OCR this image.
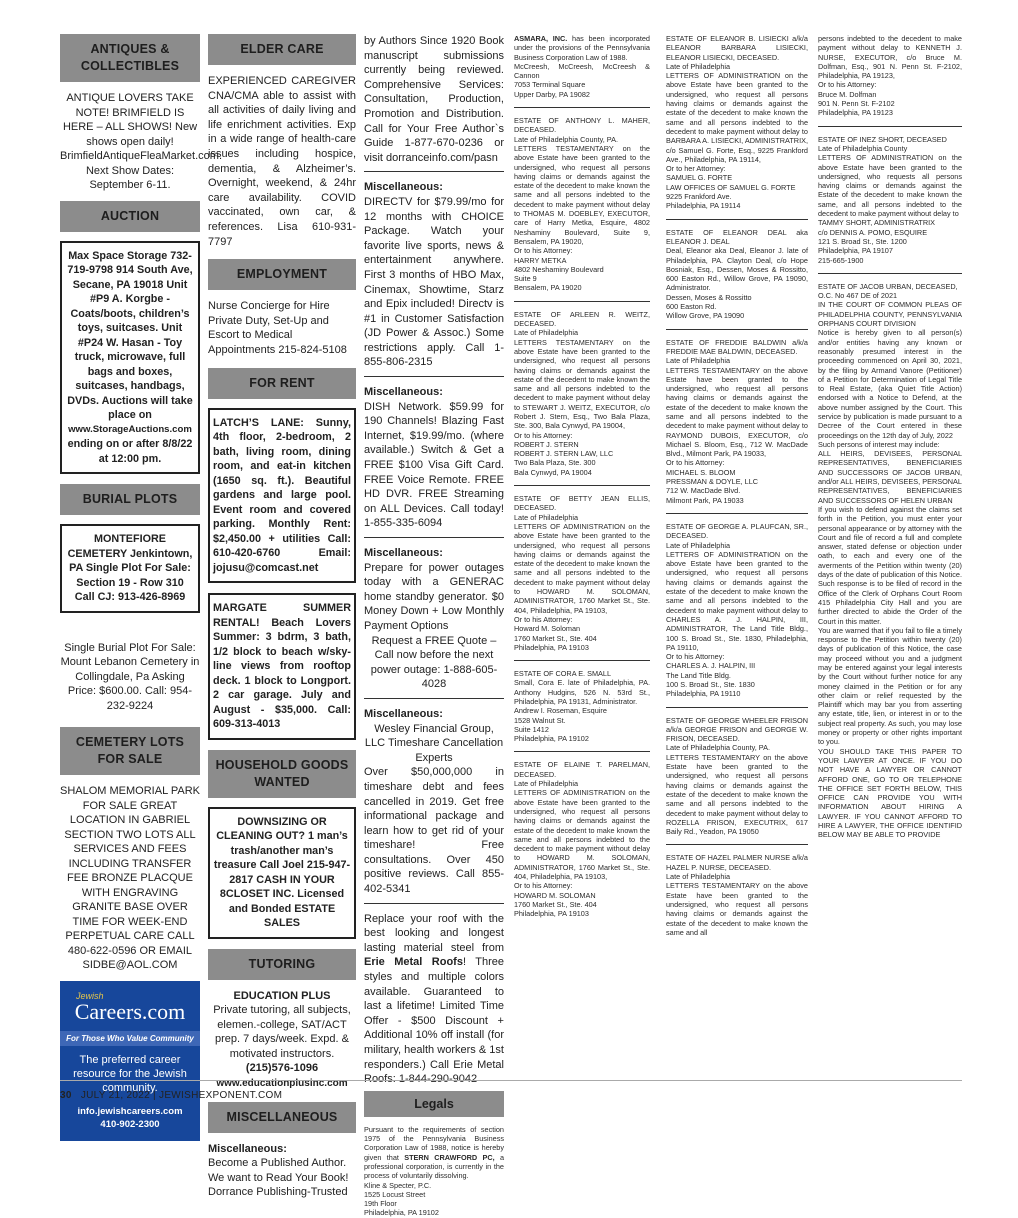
ANTIQUES & COLLECTIBLES
ANTIQUE LOVERS TAKE NOTE! BRIMFIELD IS HERE – ALL SHOWS! New shows open daily! BrimfieldAntiqueFleaMarket.com. Next Show Dates: September 6-11.
AUCTION
Max Space Storage 732-719-9798 914 South Ave, Secane, PA 19018 Unit #P9 A. Korgbe - Coats/boots, children’s toys, suitcases. Unit #P24 W. Hasan - Toy truck, microwave, full bags and boxes, suitcases, handbags, DVDs. Auctions will take place on
www.StorageAuctions.com
ending on or after 8/8/22 at 12:00 pm.
BURIAL PLOTS
MONTEFIORE CEMETERY Jenkintown, PA Single Plot For Sale: Section 19 - Row 310 Call CJ: 913-426-8969
Single Burial Plot For Sale: Mount Lebanon Cemetery in Collingdale, Pa Asking Price: $600.00. Call: 954-232-9224
CEMETERY LOTS FOR SALE
SHALOM MEMORIAL PARK FOR SALE GREAT LOCATION IN GABRIEL SECTION TWO LOTS ALL SERVICES AND FEES INCLUDING TRANSFER FEE BRONZE PLACQUE WITH ENGRAVING GRANITE BASE OVER TIME FOR WEEK-END PERPETUAL CARE CALL 480-622-0596 OR EMAIL SIDBE@AOL.COM
Jewish
Careers.com
For Those Who Value Community
The preferred career resource for the Jewish community.
info.jewishcareers.com
410-902-2300
ELDER CARE
EXPERIENCED CAREGIVER CNA/CMA able to assist with all activities of daily living and life enrichment activities. Exp in a wide range of health-care issues including hospice, dementia, & Alzheimer’s. Overnight, weekend, & 24hr care availability. COVID vaccinated, own car, & references. Lisa 610-931-7797
EMPLOYMENT
Nurse Concierge for Hire Private Duty, Set-Up and Escort to Medical Appointments 215-824-5108
FOR RENT
LATCH’S LANE: Sunny, 4th floor, 2-bedroom, 2 bath, living room, dining room, and eat-in kitchen (1650 sq. ft.). Beautiful gardens and large pool. Event room and covered parking. Monthly Rent: $2,450.00 + utilities Call: 610-420-6760 Email: jojusu@comcast.net
MARGATE SUMMER RENTAL! Beach Lovers Summer: 3 bdrm, 3 bath, 1/2 block to beach w/sky-line views from rooftop deck. 1 block to Longport. 2 car garage. July and August - $35,000. Call: 609-313-4013
HOUSEHOLD GOODS WANTED
DOWNSIZING OR CLEANING OUT? 1 man’s trash/another man’s treasure Call Joel 215-947-2817 CASH IN YOUR 8CLOSET INC. Licensed and Bonded ESTATE SALES
TUTORING
EDUCATION PLUS
Private tutoring, all subjects, elemen.-college, SAT/ACT prep. 7 days/week. Expd. & motivated instructors.
(215)576-1096
www.educationplusinc.com
MISCELLANEOUS
Miscellaneous:
Become a Published Author. We want to Read Your Book! Dorrance Publishing-Trusted
by Authors Since 1920 Book manuscript submissions currently being reviewed. Comprehensive Services: Consultation, Production, Promotion and Distribution. Call for Your Free Author`s Guide 1-877-670-0236 or visit dorranceinfo.com/pasn
Miscellaneous:
DIRECTV for $79.99/mo for 12 months with CHOICE Package. Watch your favorite live sports, news & entertainment anywhere. First 3 months of HBO Max, Cinemax, Showtime, Starz and Epix included! Directv is #1 in Customer Satisfaction (JD Power & Assoc.) Some restrictions apply. Call 1-855-806-2315
Miscellaneous:
DISH Network. $59.99 for 190 Channels! Blazing Fast Internet, $19.99/mo. (where available.) Switch & Get a FREE $100 Visa Gift Card. FREE Voice Remote. FREE HD DVR. FREE Streaming on ALL Devices. Call today! 1-855-335-6094
Miscellaneous:
Prepare for power outages today with a GENERAC home standby generator. $0 Money Down + Low Monthly Payment Options
Request a FREE Quote – Call now before the next power outage: 1-888-605-4028
Miscellaneous:
Wesley Financial Group, LLC Timeshare Cancellation Experts
Over $50,000,000 in timeshare debt and fees cancelled in 2019. Get free informational package and learn how to get rid of your timeshare! Free consultations. Over 450 positive reviews. Call 855-402-5341
Replace your roof with the best looking and longest lasting material steel from Erie Metal Roofs! Three styles and multiple colors available. Guaranteed to last a lifetime! Limited Time Offer - $500 Discount + Additional 10% off install (for military, health workers & 1st responders.) Call Erie Metal Roofs: 1-844-290-9042
Legals
Pursuant to the requirements of section 1975 of the Pennsylvania Business Corporation Law of 1988, notice is hereby given that STERN CRAWFORD PC, a professional corporation, is currently in the process of voluntarily dissolving.
Kline & Specter, P.C.
1525 Locust Street
19th Floor
Philadelphia, PA 19102
ASMARA, INC. has been incorporated under the provisions of the Pennsylvania Business Corporation Law of 1988.
McCreesh, McCreesh, McCreesh & Cannon
7053 Terminal Square
Upper Darby, PA 19082
ESTATE OF ANTHONY L. MAHER, DECEASED.
Late of Philadelphia County, PA.
LETTERS TESTAMENTARY on the above Estate have been granted to the undersigned, who request all persons having claims or demands against the estate of the decedent to make known the same and all persons indebted to the decedent to make payment without delay to THOMAS M. DOEBLEY, EXECUTOR, care of Harry Metka, Esquire, 4802 Neshaminy Boulevard, Suite 9, Bensalem, PA 19020,
Or to his Attorney:
HARRY METKA
4802 Neshaminy Boulevard
Suite 9
Bensalem, PA 19020
ESTATE OF ARLEEN R. WEITZ, DECEASED.
Late of Philadelphia
LETTERS TESTAMENTARY on the above Estate have been granted to the undersigned, who request all persons having claims or demands against the estate of the decedent to make known the same and all persons indebted to the decedent to make payment without delay to STEWART J. WEITZ, EXECUTOR, c/o Robert J. Stern, Esq., Two Bala Plaza, Ste. 300, Bala Cynwyd, PA 19004,
Or to his Attorney:
ROBERT J. STERN
ROBERT J. STERN LAW, LLC
Two Bala Plaza, Ste. 300
Bala Cynwyd, PA 19004
ESTATE OF BETTY JEAN ELLIS, DECEASED.
Late of Philadelphia
LETTERS OF ADMINISTRATION on the above Estate have been granted to the undersigned, who request all persons having claims or demands against the estate of the decedent to make known the same and all persons indebted to the decedent to make payment without delay to HOWARD M. SOLOMAN, ADMINISTRATOR, 1760 Market St., Ste. 404, Philadelphia, PA 19103,
Or to his Attorney:
Howard M. Soloman
1760 Market St., Ste. 404
Philadelphia, PA 19103
ESTATE OF CORA E. SMALL
Small, Cora E. late of Philadelphia, PA. Anthony Hudgins, 526 N. 53rd St., Philadelphia, PA 19131, Administrator.
Andrew I. Roseman, Esquire
1528 Walnut St.
Suite 1412
Philadelphia, PA 19102
ESTATE OF ELAINE T. PARELMAN, DECEASED.
Late of Philadelphia
LETTERS OF ADMINISTRATION on the above Estate have been granted to the undersigned, who request all persons having claims or demands against the estate of the decedent to make known the same and all persons indebted to the decedent to make payment without delay to HOWARD M. SOLOMAN, ADMINISTRATOR, 1760 Market St., Ste. 404, Philadelphia, PA 19103,
Or to his Attorney:
HOWARD M. SOLOMAN
1760 Market St., Ste. 404
Philadelphia, PA 19103
ESTATE OF ELEANOR B. LISIECKI a/k/a ELEANOR BARBARA LISIECKI, ELEANOR LISIECKI, DECEASED.
Late of Philadelphia
LETTERS OF ADMINISTRATION on the above Estate have been granted to the undersigned, who request all persons having claims or demands against the estate of the decedent to make known the same and all persons indebted to the decedent to make payment without delay to BARBARA A. LISIECKI, ADMINISTRATRIX, c/o Samuel G. Forte, Esq., 9225 Frankford Ave., Philadelphia, PA 19114,
Or to her Attorney:
SAMUEL G. FORTE
LAW OFFICES OF SAMUEL G. FORTE
9225 Frankford Ave.
Philadelphia, PA 19114
ESTATE OF ELEANOR DEAL aka ELEANOR J. DEAL
Deal, Eleanor aka Deal, Eleanor J. late of Philadelphia, PA. Clayton Deal, c/o Hope Bosniak, Esq., Dessen, Moses & Rossitto, 600 Easton Rd., Willow Grove, PA 19090, Administrator.
Dessen, Moses & Rossitto
600 Easton Rd.
Willow Grove, PA 19090
ESTATE OF FREDDIE BALDWIN a/k/a FREDDIE MAE BALDWIN, DECEASED.
Late of Philadelphia
LETTERS TESTAMENTARY on the above Estate have been granted to the undersigned, who request all persons having claims or demands against the estate of the decedent to make known the same and all persons indebted to the decedent to make payment without delay to RAYMOND DUBOIS, EXECUTOR, c/o Michael S. Bloom, Esq., 712 W. MacDade Blvd., Milmont Park, PA 19033,
Or to his Attorney:
MICHAEL S. BLOOM
PRESSMAN & DOYLE, LLC
712 W. MacDade Blvd.
Milmont Park, PA 19033
ESTATE OF GEORGE A. PLAUFCAN, SR., DECEASED.
Late of Philadelphia
LETTERS OF ADMINISTRATION on the above Estate have been granted to the undersigned, who request all persons having claims or demands against the estate of the decedent to make known the same and all persons indebted to the decedent to make payment without delay to CHARLES A. J. HALPIN, III, ADMINISTRATOR, The Land Title Bldg., 100 S. Broad St., Ste. 1830, Philadelphia, PA 19110,
Or to his Attorney:
CHARLES A. J. HALPIN, III
The Land Title Bldg.
100 S. Broad St., Ste. 1830
Philadelphia, PA 19110
ESTATE OF GEORGE WHEELER FRISON a/k/a GEORGE FRISON and GEORGE W. FRISON, DECEASED.
Late of Philadelphia County, PA.
LETTERS TESTAMENTARY on the above Estate have been granted to the undersigned, who request all persons having claims or demands against the estate of the decedent to make known the same and all persons indebted to the decedent to make payment without delay to ROZELLA FRISON, EXECUTRIX, 617 Baily Rd., Yeadon, PA 19050
ESTATE OF HAZEL PALMER NURSE a/k/a HAZEL P. NURSE, DECEASED.
Late of Philadelphia
LETTERS TESTAMENTARY on the above Estate have been granted to the undersigned, who request all persons having claims or demands against the estate of the decedent to make known the same and all
persons indebted to the decedent to make payment without delay to KENNETH J. NURSE, EXECUTOR, c/o Bruce M. Dolfman, Esq., 901 N. Penn St. F-2102, Philadelphia, PA 19123,
Or to his Attorney:
Bruce M. Dolfman
901 N. Penn St. F-2102
Philadelphia, PA 19123
ESTATE OF INEZ SHORT, DECEASED
Late of Philadelphia County
LETTERS OF ADMINISTRATION on the above Estate have been granted to the undersigned, who requests all persons having claims or demands against the Estate of the decedent to make known the same, and all persons indebted to the decedent to make payment without delay to
TAMMY SHORT, ADMINISTRATRIX
c/o DENNIS A. POMO, ESQUIRE
121 S. Broad St., Ste. 1200
Philadelphia, PA 19107
215-665-1900
ESTATE OF JACOB URBAN, DECEASED,
O.C. No 467 DE of 2021
IN THE COURT OF COMMON PLEAS OF PHILADELPHIA COUNTY, PENNSYLVANIA ORPHANS COURT DIVISION
Notice is hereby given to all person(s) and/or entities having any known or reasonably presumed interest in the proceeding commenced on April 30, 2021, by the filing by Armand Vanore (Petitioner) of a Petition for Determination of Legal Title to Real Estate, (aka Quiet Title Action) endorsed with a Notice to Defend, at the above number assigned by the Court. This service by publication is made pursuant to a Decree of the Court entered in these proceedings on the 12th day of July, 2022
Such persons of interest may include:
ALL HEIRS, DEVISEES, PERSONAL REPRESENTATIVES, BENEFICIARIES AND SUCCESSORS OF JACOB URBAN, and/or ALL HEIRS, DEVISEES, PERSONAL REPRESENTATIVES, BENEFICIARIES AND SUCCESSORS OF HELEN URBAN
If you wish to defend against the claims set forth in the Petition, you must enter your personal appearance or by attorney with the Court and file of record a full and complete answer, stated defense or objection under oath, to each and every one of the averments of the Petition within twenty (20) days of the date of publication of this Notice. Such response is to be filed of record in the Office of the Clerk of Orphans Court Room 415 Philadelphia City Hall and you are further directed to abide the Order of the Court in this matter.
You are warned that if you fail to file a timely response to the Petition within twenty (20) days of publication of this Notice, the case may proceed without you and a judgment may be entered against your legal interests by the Court without further notice for any money claimed in the Petition or for any other claim or relief requested by the Plaintiff which may bar you from asserting any estate, title, lien, or interest in or to the subject real property. As such, you may lose money or property or other rights important to you.
YOU SHOULD TAKE THIS PAPER TO YOUR LAWYER AT ONCE. IF YOU DO NOT HAVE A LAWYER OR CANNOT AFFORD ONE, GO TO OR TELEPHONE THE OFFICE SET FORTH BELOW, THIS OFFICE CAN PROVIDE YOU WITH INFORMATION ABOUT HIRING A LAWYER. IF YOU CANNOT AFFORD TO HIRE A LAWYER, THE OFFICE IDENTIFID BELOW MAY BE ABLE TO PROVIDE
30 JULY 21, 2022 | JEWISHEXPONENT.COM
